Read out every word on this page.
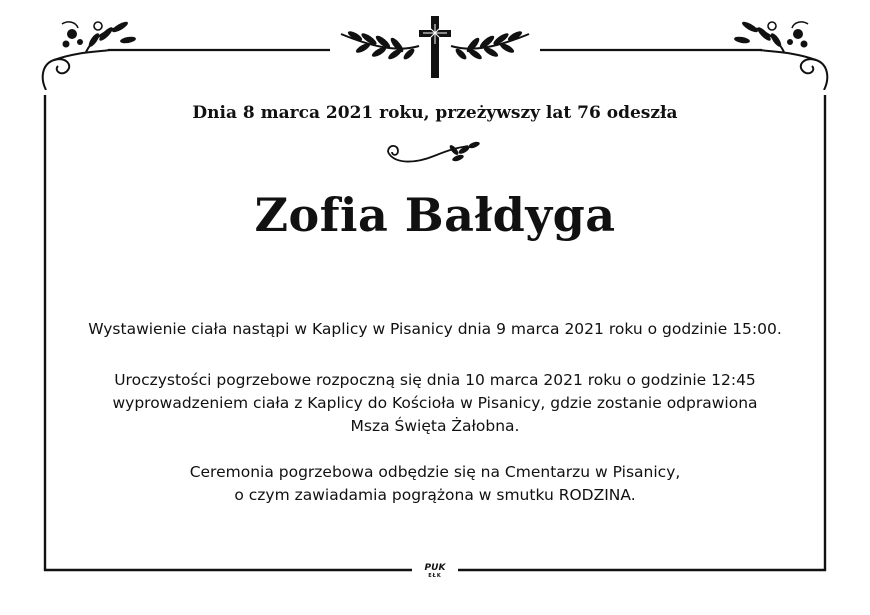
Dnia 8 marca 2021 roku, przeżywszy lat 76 odeszła
Zofia Bałdyga
Wystawienie ciała nastąpi w Kaplicy w Pisanicy dnia 9 marca 2021 roku o godzinie 15:00.
Uroczystości pogrzebowe rozpoczną się dnia 10 marca 2021 roku o godzinie 12:45
wyprowadzeniem ciała z Kaplicy do Kościoła w Pisanicy, gdzie zostanie odprawiona
Msza Święta Żałobna.
Ceremonia pogrzebowa odbędzie się na Cmentarzu w Pisanicy,
o czym zawiadamia pogrążona w smutku RODZINA.
PUK
EŁK
